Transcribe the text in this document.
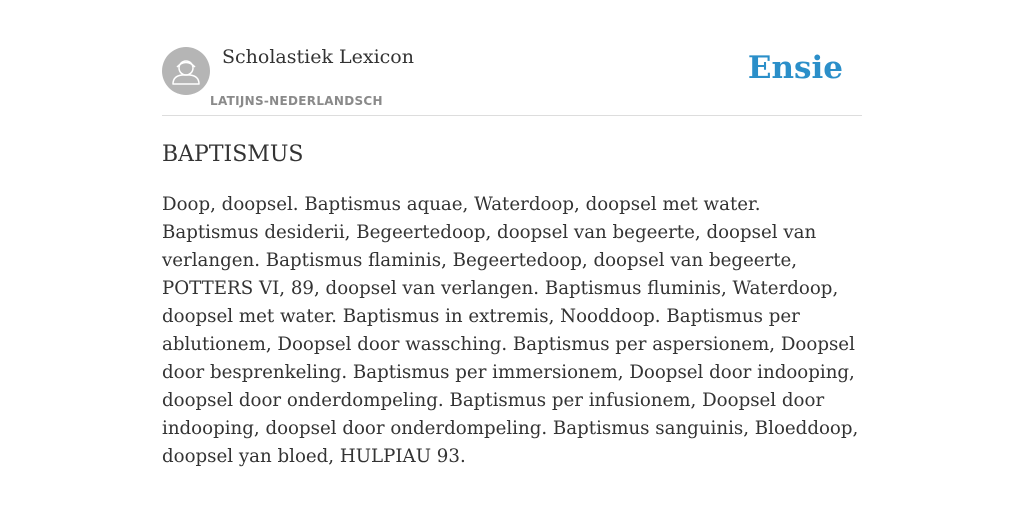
Scholastiek Lexicon
LATIJNS-NEDERLANDSCH
Ensie
BAPTISMUS

Doop, doopsel. Baptismus aquae, Waterdoop, doopsel met water. Baptismus desiderii, Begeertedoop, doopsel van begeerte, doopsel van verlangen. Baptismus flaminis, Begeertedoop, doopsel van begeerte, POTTERS VI, 89, doopsel van verlangen. Baptismus fluminis, Waterdoop, doopsel met water. Baptismus in extremis, Nooddoop. Baptismus per ablutionem, Doopsel door wassching. Baptismus per aspersionem, Doopsel door besprenkeling. Baptismus per immersionem, Doopsel door indooping, doopsel door onderdompeling. Baptismus per infusionem, Doopsel door indooping, doopsel door onderdompeling. Baptismus sanguinis, Bloeddoop, doopsel yan bloed, HULPIAU 93.
